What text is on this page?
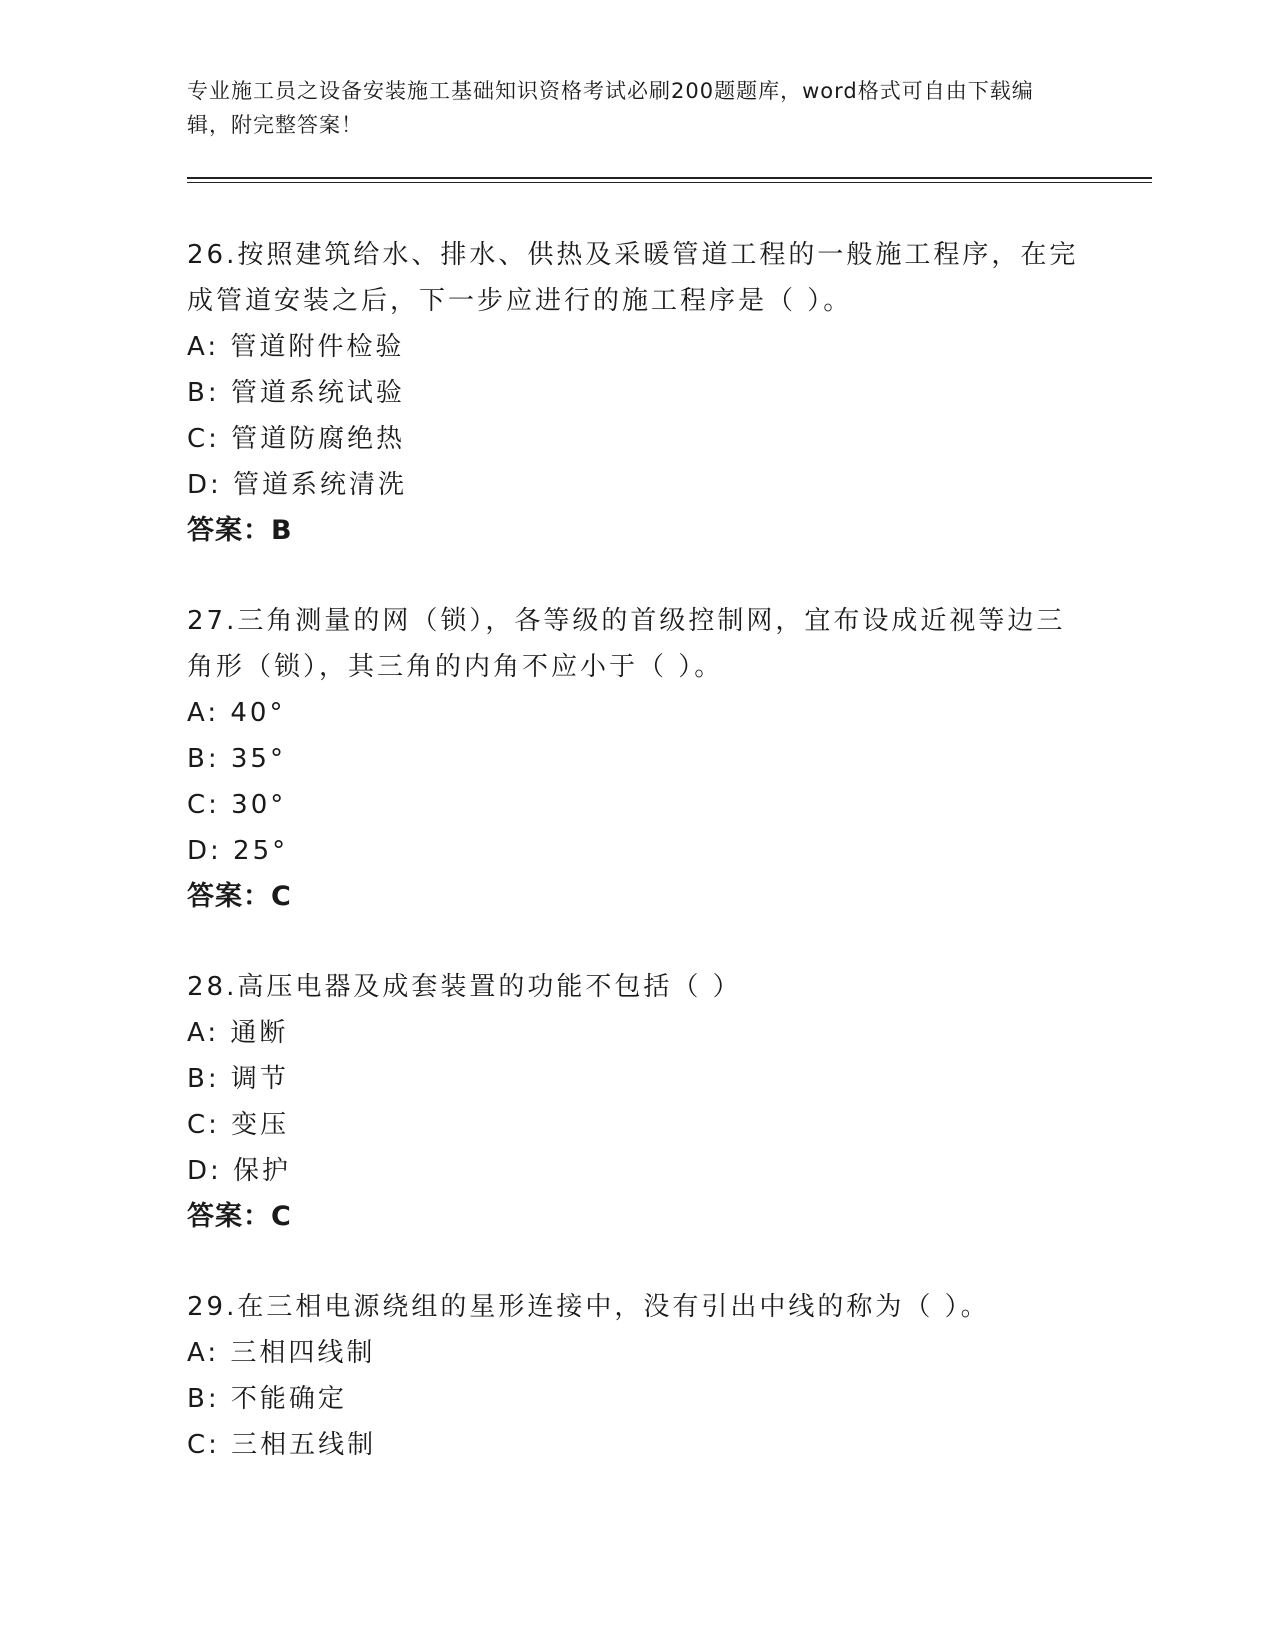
专业施工员之设备安装施工基础知识资格考试必刷200题题库，word格式可自由下载编辑，附完整答案！

26.按照建筑给水、排水、供热及采暖管道工程的一般施工程序，在完成管道安装之后，下一步应进行的施工程序是（ ）。

A: 管道附件检验
B: 管道系统试验
C: 管道防腐绝热
D: 管道系统清洗
答案：B

27.三角测量的网（锁），各等级的首级控制网，宜布设成近视等边三角形（锁），其三角的内角不应小于（ ）。

A: 40°
B: 35°
C: 30°
D: 25°
答案：C

28.高压电器及成套装置的功能不包括（ ）

A: 通断
B: 调节
C: 变压
D: 保护
答案：C

29.在三相电源绕组的星形连接中，没有引出中线的称为（ ）。

A: 三相四线制
B: 不能确定
C: 三相五线制
